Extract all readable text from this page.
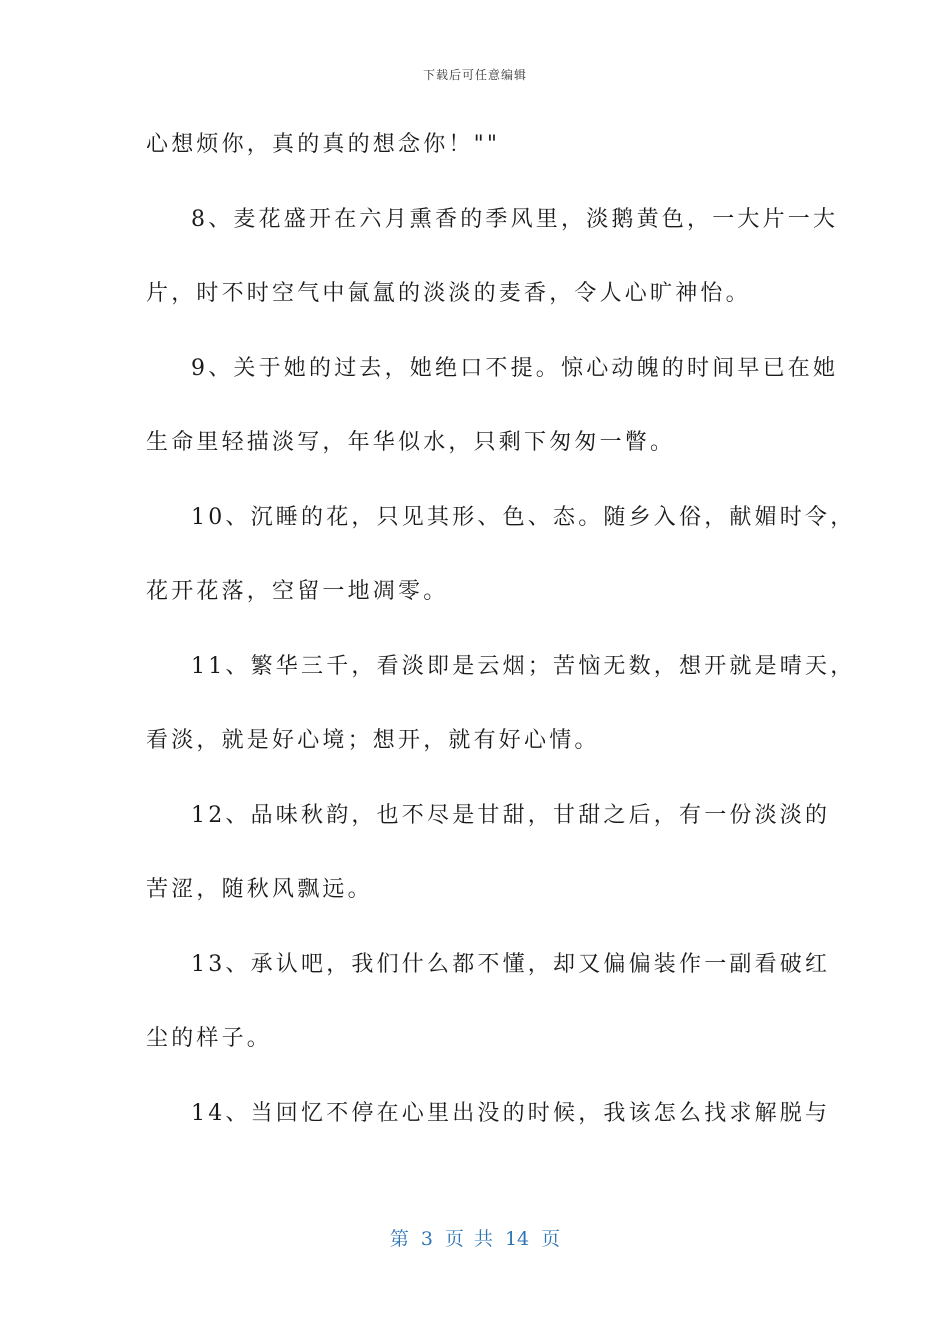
下载后可任意编辑
心想烦你，真的真的想念你！""
8、麦花盛开在六月熏香的季风里，淡鹅黄色，一大片一大
片，时不时空气中氤氲的淡淡的麦香，令人心旷神怡。
9、关于她的过去，她绝口不提。惊心动魄的时间早已在她
生命里轻描淡写，年华似水，只剩下匆匆一瞥。
10、沉睡的花，只见其形、色、态。随乡入俗，献媚时令，
花开花落，空留一地凋零。
11、繁华三千，看淡即是云烟；苦恼无数，想开就是晴天，
看淡，就是好心境；想开，就有好心情。
12、品味秋韵，也不尽是甘甜，甘甜之后，有一份淡淡的
苦涩，随秋风飘远。
13、承认吧，我们什么都不懂，却又偏偏装作一副看破红
尘的样子。
14、当回忆不停在心里出没的时候，我该怎么找求解脱与
第 3 页 共 14 页
